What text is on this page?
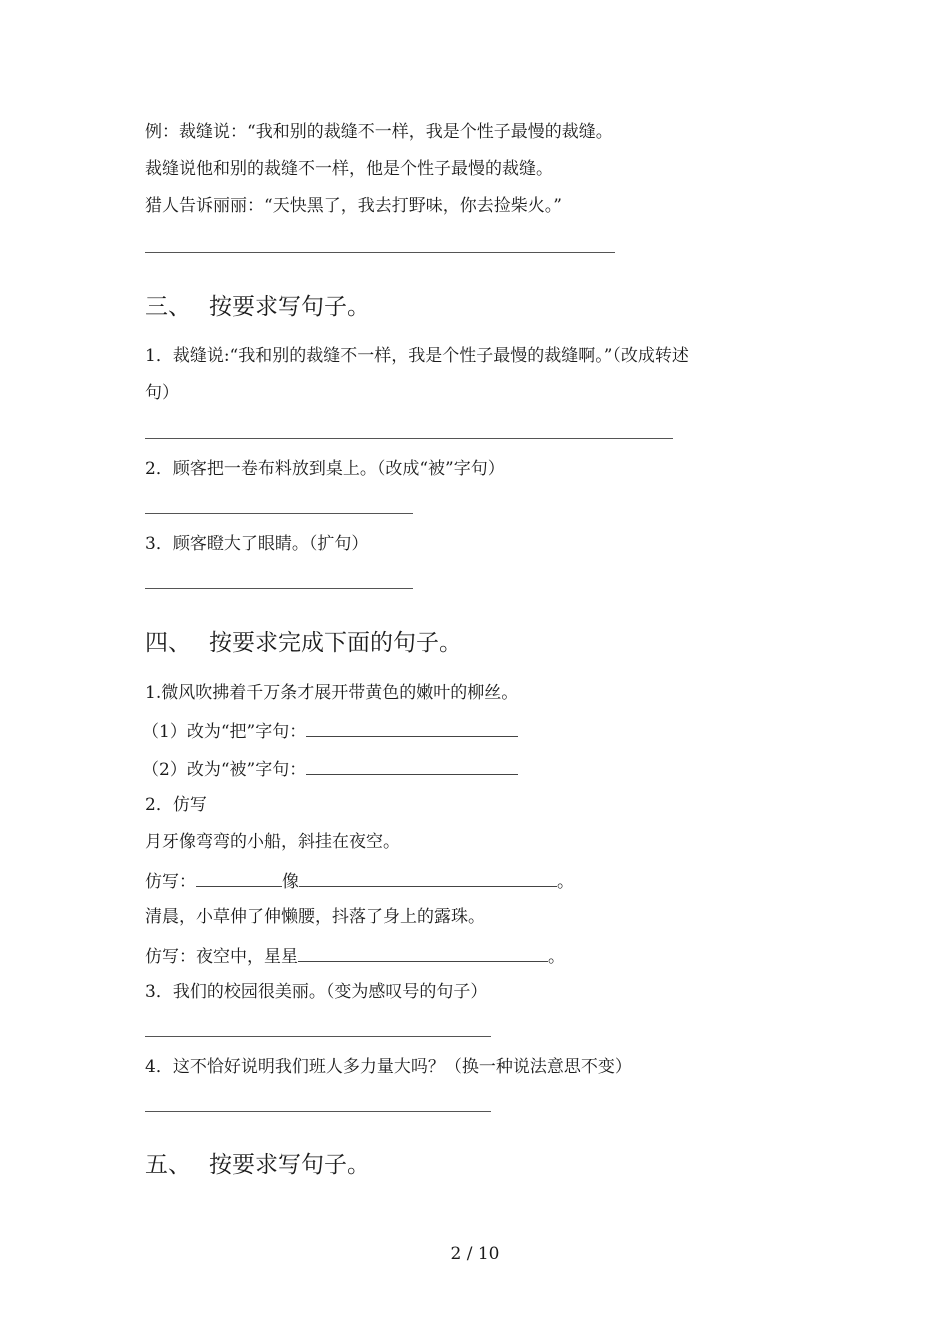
例：裁缝说：“我和别的裁缝不一样，我是个性子最慢的裁缝。
裁缝说他和别的裁缝不一样，他是个性子最慢的裁缝。
猎人告诉丽丽：“天快黑了，我去打野味，你去捡柴火。”
三、 按要求写句子。
1．裁缝说:“我和别的裁缝不一样，我是个性子最慢的裁缝啊。”（改成转述
句）
2．顾客把一卷布料放到桌上。（改成“被”字句）
3．顾客瞪大了眼睛。（扩句）
四、 按要求完成下面的句子。
1.微风吹拂着千万条才展开带黄色的嫩叶的柳丝。
（1）改为“把”字句：
（2）改为“被”字句：
2．仿写
月牙像弯弯的小船，斜挂在夜空。
仿写：	像	。
清晨，小草伸了伸懒腰，抖落了身上的露珠。
仿写：夜空中，星星	。
3．我们的校园很美丽。（变为感叹号的句子）
4．这不恰好说明我们班人多力量大吗？（换一种说法意思不变）
五、 按要求写句子。
2 / 10
